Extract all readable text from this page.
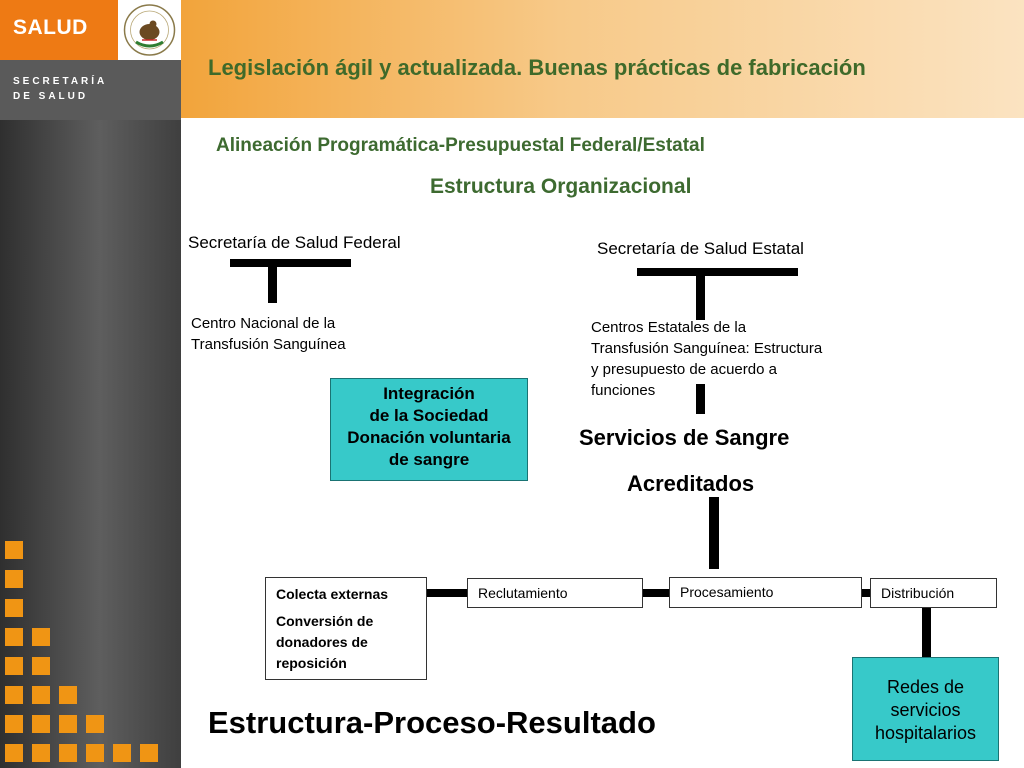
SALUD
SECRETARÍA
DE SALUD
Legislación ágil y actualizada. Buenas prácticas de fabricación
Alineación Programática-Presupuestal Federal/Estatal
Estructura Organizacional
Secretaría de Salud Federal
Centro Nacional de la
Transfusión Sanguínea
Secretaría de Salud Estatal
Centros Estatales de la
Transfusión Sanguínea: Estructura
y presupuesto de acuerdo a
funciones
Integración
de la Sociedad
Donación voluntaria
de sangre
Servicios de Sangre
Acreditados
Colecta externas
Conversión de
donadores de
reposición
Reclutamiento	Procesamiento	Distribución
Redes de
servicios
hospitalarios
Estructura-Proceso-Resultado
